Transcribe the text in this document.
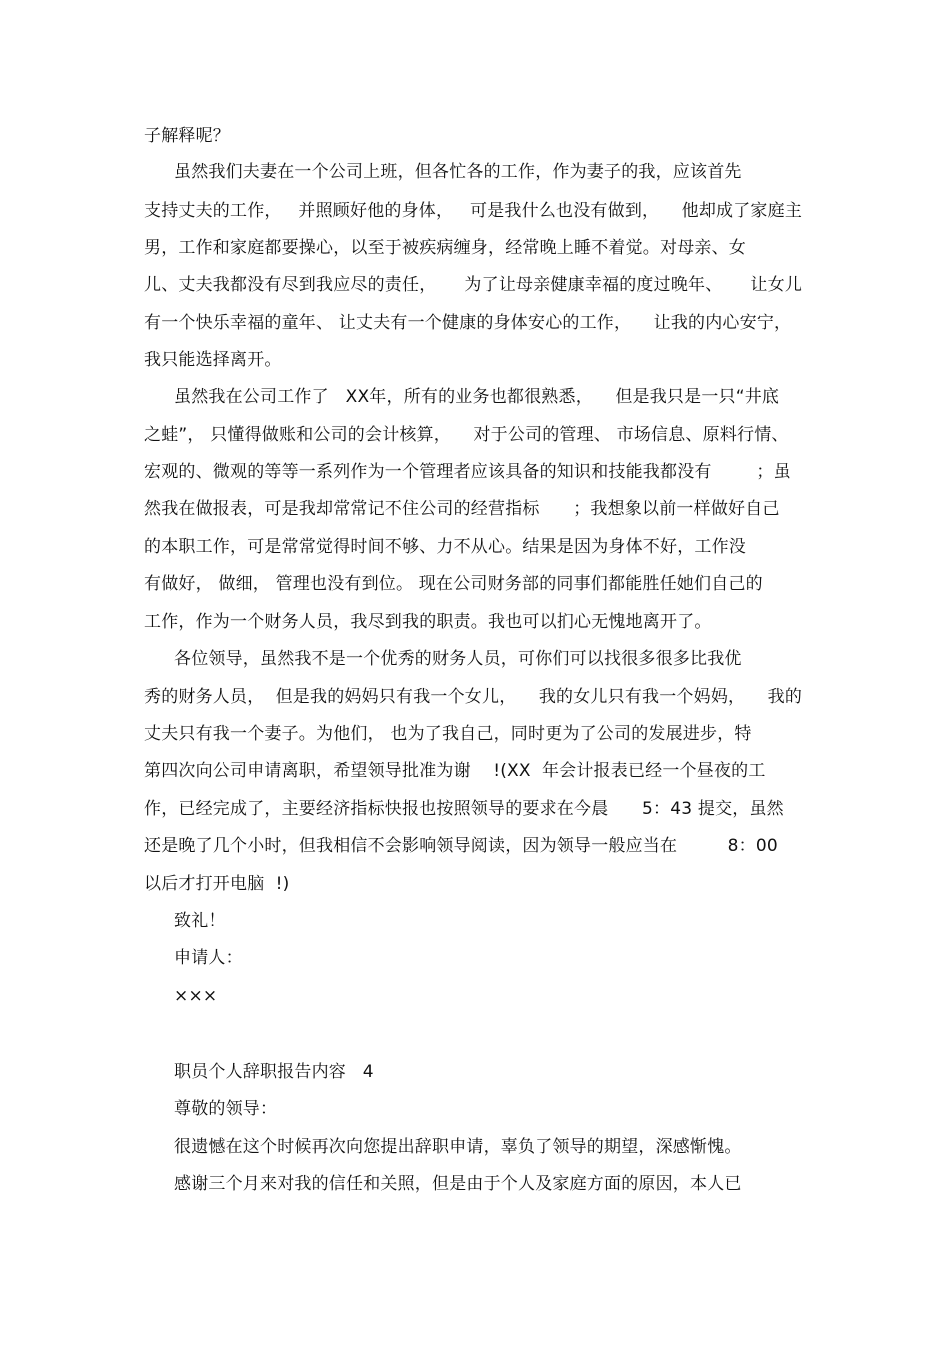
子解释呢？
虽然我们夫妻在一个公司上班，但各忙各的工作，作为妻子的我，应该首先
支持丈夫的工作，   并照顾好他的身体，   可是我什么也没有做到，    他却成了家庭主
男，工作和家庭都要操心，以至于被疾病缠身，经常晚上睡不着觉。对母亲、女
儿、丈夫我都没有尽到我应尽的责任，     为了让母亲健康幸福的度过晚年、     让女儿
有一个快乐幸福的童年、 让丈夫有一个健康的身体安心的工作，    让我的内心安宁，
我只能选择离开。
虽然我在公司工作了   XX年，所有的业务也都很熟悉，    但是我只是一只“井底
之蛙”， 只懂得做账和公司的会计核算，    对于公司的管理、 市场信息、原料行情、
宏观的、微观的等等一系列作为一个管理者应该具备的知识和技能我都没有        ；虽
然我在做报表，可是我却常常记不住公司的经营指标      ；我想象以前一样做好自己
的本职工作，可是常常觉得时间不够、力不从心。结果是因为身体不好，工作没
有做好， 做细， 管理也没有到位。 现在公司财务部的同事们都能胜任她们自己的
工作，作为一个财务人员，我尽到我的职责。我也可以扪心无愧地离开了。
各位领导，虽然我不是一个优秀的财务人员，可你们可以找很多很多比我优
秀的财务人员，  但是我的妈妈只有我一个女儿，    我的女儿只有我一个妈妈，    我的
丈夫只有我一个妻子。为他们， 也为了我自己，同时更为了公司的发展进步，特
第四次向公司申请离职，希望领导批准为谢    !(XX  年会计报表已经一个昼夜的工
作，已经完成了，主要经济指标快报也按照领导的要求在今晨      5：43 提交，虽然
还是晚了几个小时，但我相信不会影响领导阅读，因为领导一般应当在         8：00
以后才打开电脑  !)
致礼！
申请人：
×××
职员个人辞职报告内容   4
尊敬的领导：
很遗憾在这个时候再次向您提出辞职申请，辜负了领导的期望，深感惭愧。
感谢三个月来对我的信任和关照，但是由于个人及家庭方面的原因，本人已
